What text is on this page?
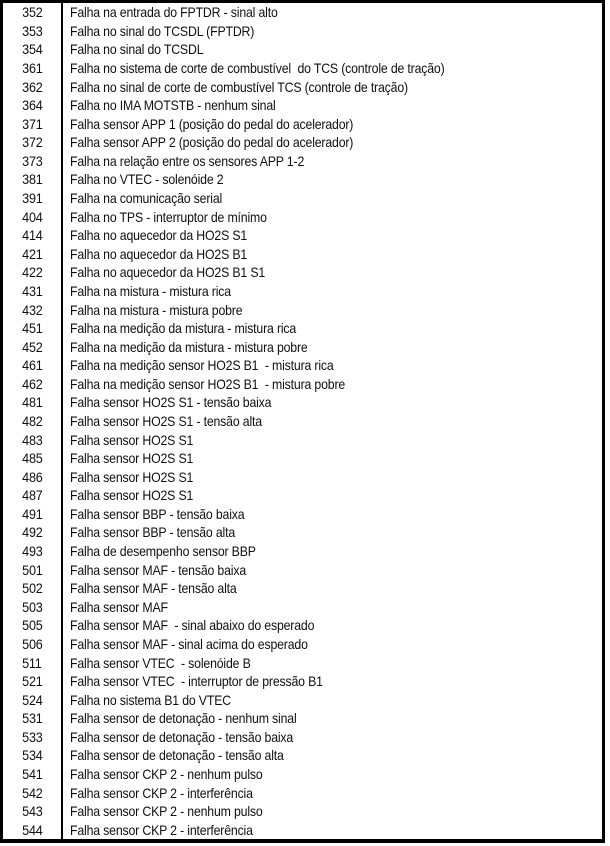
352 Falha na entrada do FPTDR - sinal alto
353 Falha no sinal do TCSDL (FPTDR)
354 Falha no sinal do TCSDL
361 Falha no sistema de corte de combustível  do TCS (controle de tração)
362 Falha no sinal de corte de combustível TCS (controle de tração)
364 Falha no IMA MOTSTB - nenhum sinal
371 Falha sensor APP 1 (posição do pedal do acelerador)
372 Falha sensor APP 2 (posição do pedal do acelerador)
373 Falha na relação entre os sensores APP 1-2
381 Falha no VTEC - solenóide 2
391 Falha na comunicação serial
404 Falha no TPS - interruptor de mínimo
414 Falha no aquecedor da HO2S S1
421 Falha no aquecedor da HO2S B1
422 Falha no aquecedor da HO2S B1 S1
431 Falha na mistura - mistura rica
432 Falha na mistura - mistura pobre
451 Falha na medição da mistura - mistura rica
452 Falha na medição da mistura - mistura pobre
461 Falha na medição sensor HO2S B1  - mistura rica
462 Falha na medição sensor HO2S B1  - mistura pobre
481 Falha sensor HO2S S1 - tensão baixa
482 Falha sensor HO2S S1 - tensão alta
483 Falha sensor HO2S S1
485 Falha sensor HO2S S1
486 Falha sensor HO2S S1
487 Falha sensor HO2S S1
491 Falha sensor BBP - tensão baixa
492 Falha sensor BBP - tensão alta
493 Falha de desempenho sensor BBP
501 Falha sensor MAF - tensão baixa
502 Falha sensor MAF - tensão alta
503 Falha sensor MAF
505 Falha sensor MAF  - sinal abaixo do esperado
506 Falha sensor MAF - sinal acima do esperado
511 Falha sensor VTEC  - solenóide B
521 Falha sensor VTEC  - interruptor de pressão B1
524 Falha no sistema B1 do VTEC
531 Falha sensor de detonação - nenhum sinal
533 Falha sensor de detonação - tensão baixa
534 Falha sensor de detonação - tensão alta
541 Falha sensor CKP 2 - nenhum pulso
542 Falha sensor CKP 2 - interferência
543 Falha sensor CKP 2 - nenhum pulso
544 Falha sensor CKP 2 - interferência
